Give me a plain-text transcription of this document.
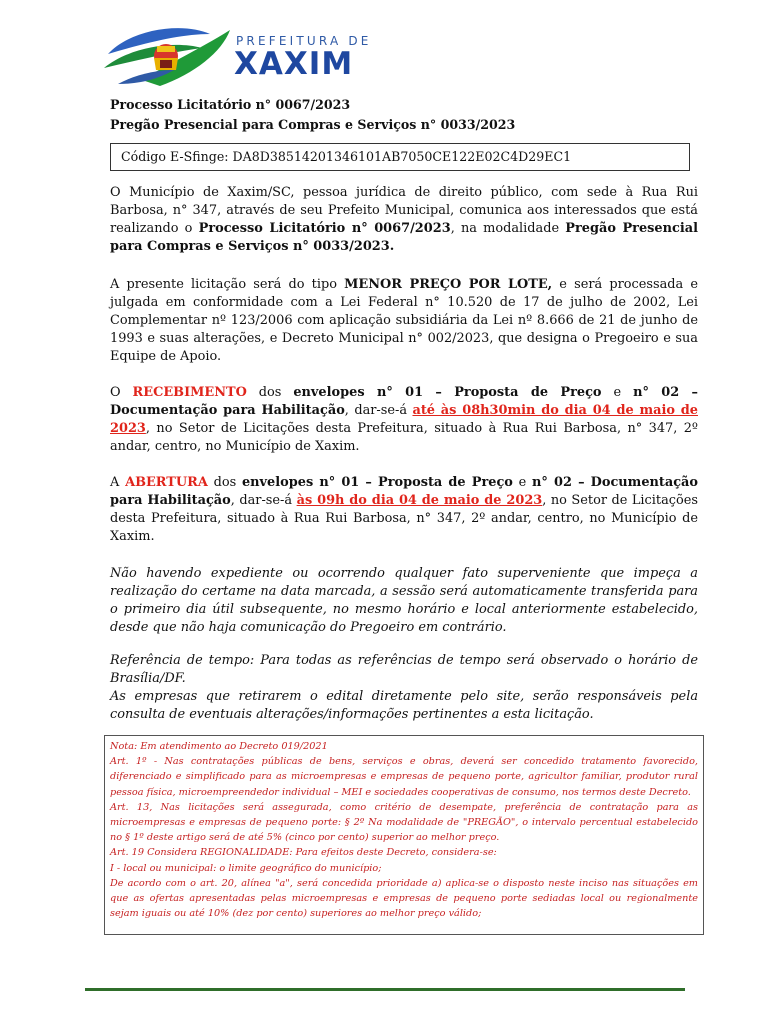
PREFEITURA DE
XAXIM
Processo Licitatório n° 0067/2023
Pregão Presencial para Compras e Serviços n° 0033/2023
Código E-Sfinge: DA8D38514201346101AB7050CE122E02C4D29EC1
O Município de Xaxim/SC, pessoa jurídica de direito público, com sede à Rua Rui Barbosa, n° 347, através de seu Prefeito Municipal, comunica aos interessados que está realizando o Processo Licitatório n° 0067/2023, na modalidade Pregão Presencial para Compras e Serviços n° 0033/2023.
A presente licitação será do tipo MENOR PREÇO POR LOTE, e será processada e julgada em conformidade com a Lei Federal n° 10.520 de 17 de julho de 2002, Lei Complementar nº 123/2006 com aplicação subsidiária da Lei nº 8.666 de 21 de junho de 1993 e suas alterações, e Decreto Municipal n° 002/2023, que designa o Pregoeiro e sua Equipe de Apoio.
O RECEBIMENTO dos envelopes n° 01 – Proposta de Preço e n° 02 – Documentação para Habilitação, dar-se-á até às 08h30min do dia 04 de maio de 2023, no Setor de Licitações desta Prefeitura, situado à Rua Rui Barbosa, n° 347, 2º andar, centro, no Município de Xaxim.
A ABERTURA dos envelopes n° 01 – Proposta de Preço e n° 02 – Documentação para Habilitação, dar-se-á às 09h do dia 04 de maio de 2023, no Setor de Licitações desta Prefeitura, situado à Rua Rui Barbosa, n° 347, 2º andar, centro, no Município de Xaxim.
Não havendo expediente ou ocorrendo qualquer fato superveniente que impeça a realização do certame na data marcada, a sessão será automaticamente transferida para o primeiro dia útil subsequente, no mesmo horário e local anteriormente estabelecido, desde que não haja comunicação do Pregoeiro em contrário.
Referência de tempo: Para todas as referências de tempo será observado o horário de Brasília/DF.
As empresas que retirarem o edital diretamente pelo site, serão responsáveis pela consulta de eventuais alterações/informações pertinentes a esta licitação.

Nota: Em atendimento ao Decreto 019/2021

Art. 1º - Nas contratações públicas de bens, serviços e obras, deverá ser concedido tratamento favorecido, diferenciado e simplificado para as microempresas e empresas de pequeno porte, agricultor familiar, produtor rural pessoa física, microempreendedor individual – MEI e sociedades cooperativas de consumo, nos termos deste Decreto.

Art. 13, Nas licitações será assegurada, como critério de desempate, preferência de contratação para as microempresas e empresas de pequeno porte: § 2º Na modalidade de "PREGÃO", o intervalo percentual estabelecido no § 1º deste artigo será de até 5% (cinco por cento) superior ao melhor preço.

Art. 19 Considera REGIONALIDADE: Para efeitos deste Decreto, considera-se:

I - local ou municipal: o limite geográfico do município;

De acordo com o art. 20, alínea "a", será concedida prioridade a) aplica-se o disposto neste inciso nas situações em que as ofertas apresentadas pelas microempresas e empresas de pequeno porte sediadas local ou regionalmente sejam iguais ou até 10% (dez por cento) superiores ao melhor preço válido;
